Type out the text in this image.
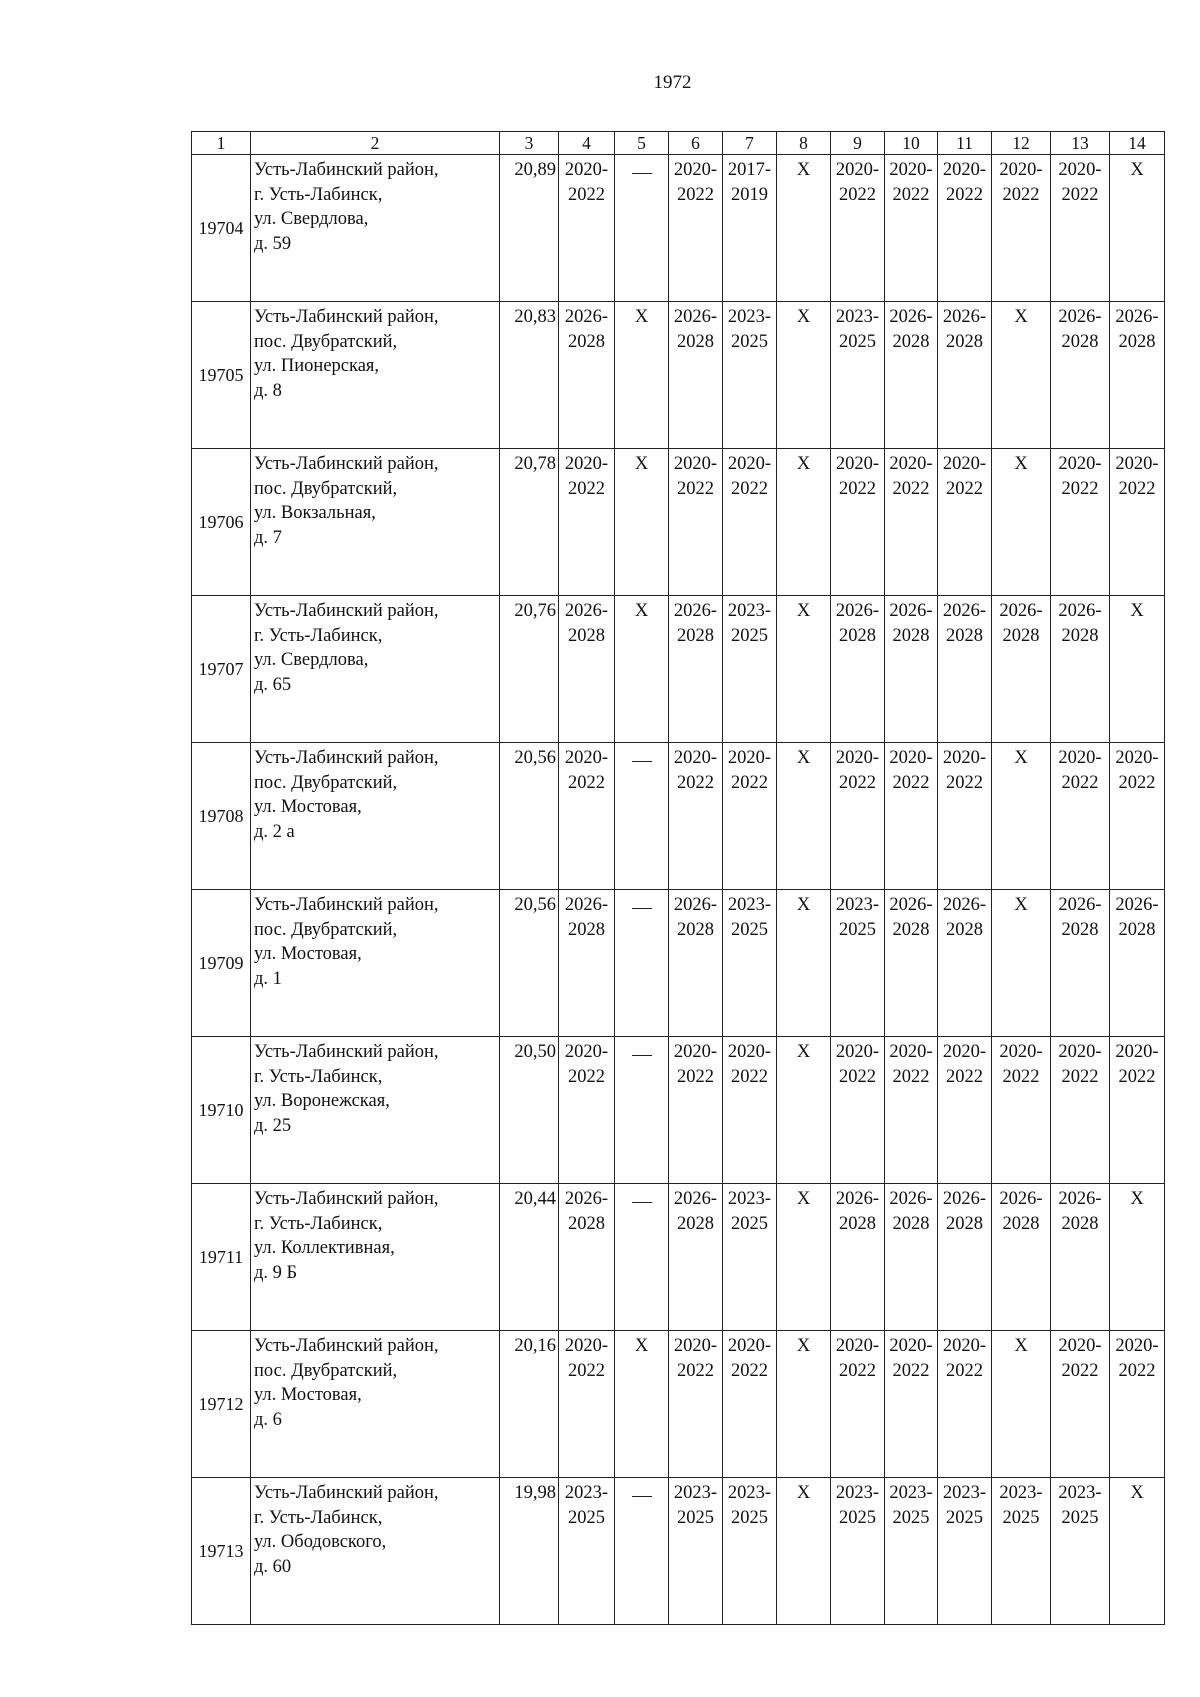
1972
1	2	3	4	5	6	7	8	9	10	11	12	13	14
19704	Усть-Лабинский район,
г. Усть-Лабинск,
ул. Свердлова,
д. 59	20,89	2020-
2022		2020-
2022	2017-
2019	X	2020-
2022	2020-
2022	2020-
2022	2020-
2022	2020-
2022	X
19705	Усть-Лабинский район,
пос. Двубратский,
ул. Пионерская,
д. 8	20,83	2026-
2028	X	2026-
2028	2023-
2025	X	2023-
2025	2026-
2028	2026-
2028	X	2026-
2028	2026-
2028

19706	Усть-Лабинский район,
пос. Двубратский,
ул. Вокзальная,
д. 7	20,78	2020-
2022	X	2020-
2022	2020-
2022	X	2020-
2022	2020-
2022	2020-
2022	X	2020-
2022	2020-
2022

19707	Усть-Лабинский район,
г. Усть-Лабинск,
ул. Свердлова,
д. 65	20,76	2026-
2028	X	2026-
2028	2023-
2025	X	2026-
2028	2026-
2028	2026-
2028	2026-
2028	2026-
2028	X
19708	Усть-Лабинский район,
пос. Двубратский,
ул. Мостовая,
д. 2 а	20,56	2020-
2022		2020-
2022	2020-
2022	X	2020-
2022	2020-
2022	2020-
2022	X	2020-
2022	2020-
2022

19709	Усть-Лабинский район,
пос. Двубратский,
ул. Мостовая,
д. 1	20,56	2026-
2028		2026-
2028	2023-
2025	X	2023-
2025	2026-
2028	2026-
2028	X	2026-
2028	2026-
2028

19710	Усть-Лабинский район,
г. Усть-Лабинск,
ул. Воронежская,
д. 25	20,50	2020-
2022		2020-
2022	2020-
2022	X	2020-
2022	2020-
2022	2020-
2022	2020-
2022	2020-
2022	2020-
2022

19711	Усть-Лабинский район,
г. Усть-Лабинск,
ул. Коллективная,
д. 9 Б	20,44	2026-
2028		2026-
2028	2023-
2025	X	2026-
2028	2026-
2028	2026-
2028	2026-
2028	2026-
2028	X
19712	Усть-Лабинский район,
пос. Двубратский,
ул. Мостовая,
д. 6	20,16	2020-
2022	X	2020-
2022	2020-
2022	X	2020-
2022	2020-
2022	2020-
2022	X	2020-
2022	2020-
2022

19713	Усть-Лабинский район,
г. Усть-Лабинск,
ул. Ободовского,
д. 60	19,98	2023-
2025		2023-
2025	2023-
2025	X	2023-
2025	2023-
2025	2023-
2025	2023-
2025	2023-
2025	X
